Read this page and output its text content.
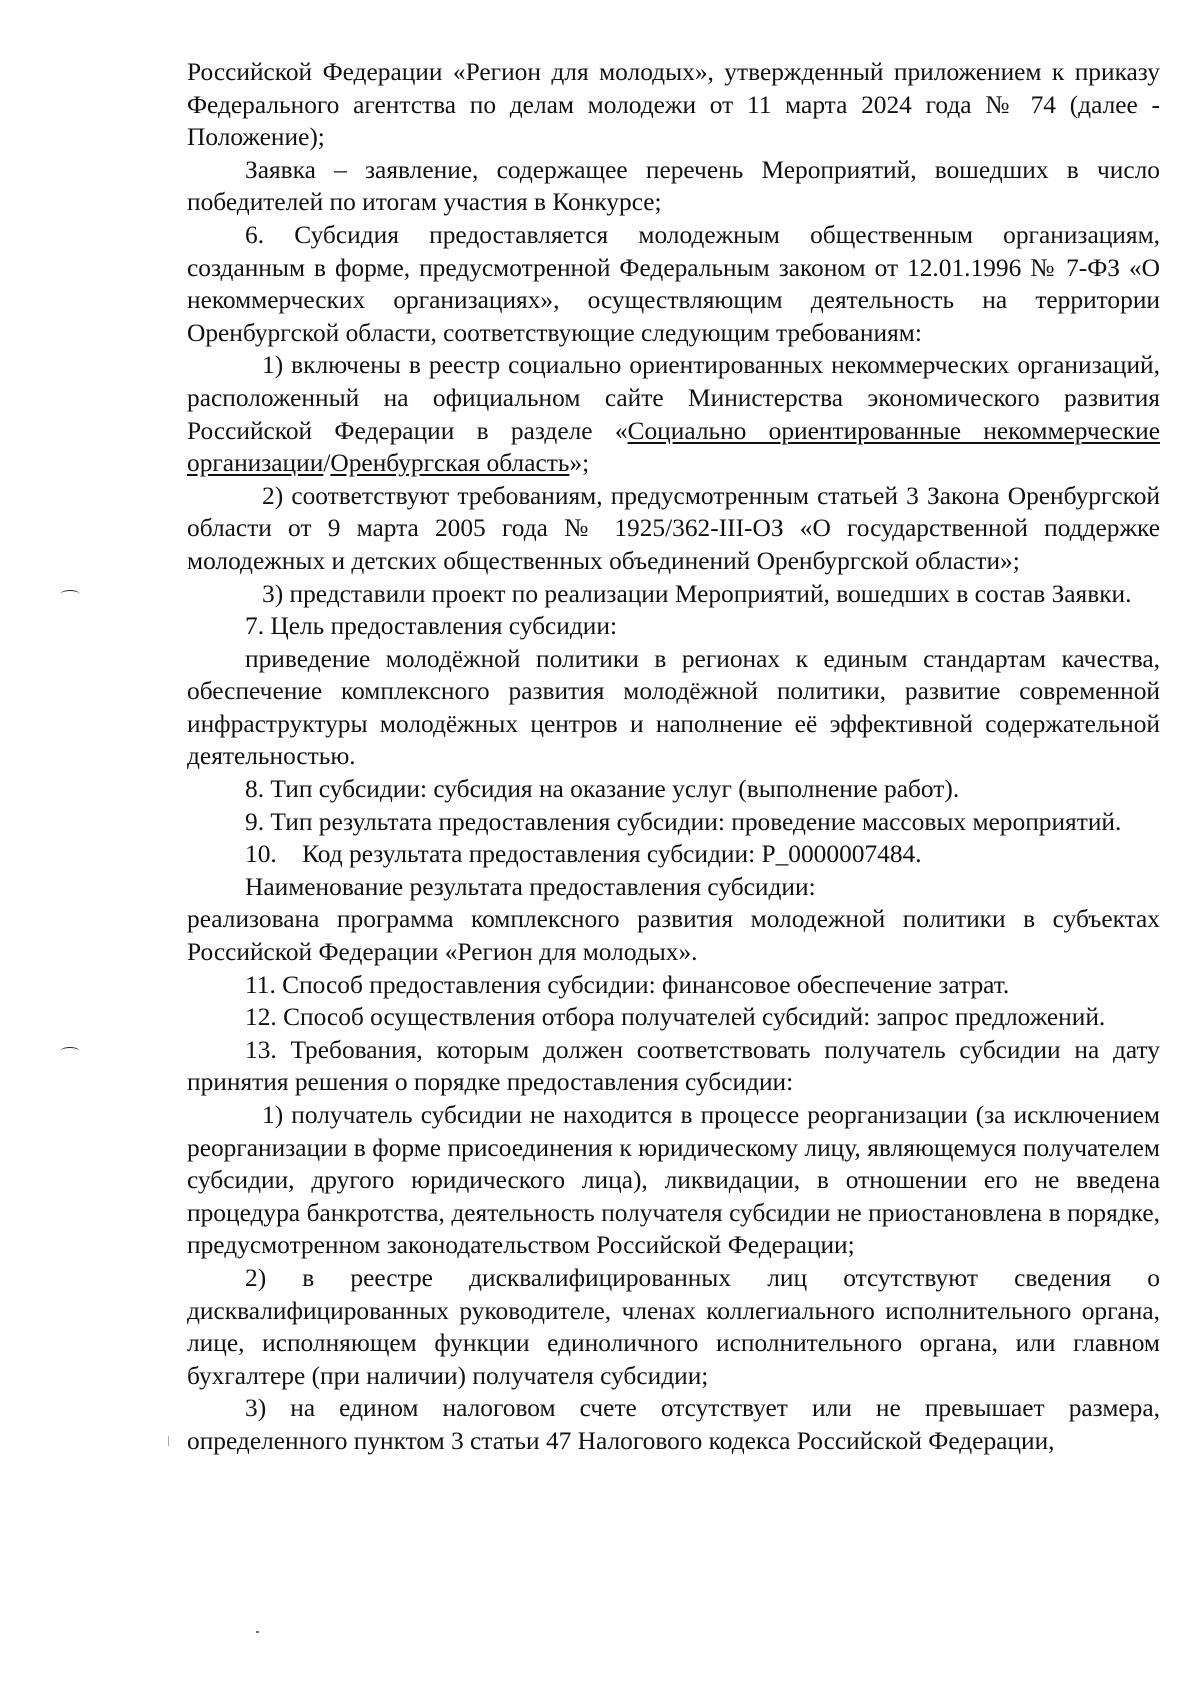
Российской Федерации «Регион для молодых», утвержденный приложением к приказу Федерального агентства по делам молодежи от 11 марта 2024 года № 74 (далее - Положение);

Заявка – заявление, содержащее перечень Мероприятий, вошедших в число победителей по итогам участия в Конкурсе;

6. Субсидия предоставляется молодежным общественным организациям, созданным в форме, предусмотренной Федеральным законом от 12.01.1996 № 7-ФЗ «О некоммерческих организациях», осуществляющим деятельность на территории Оренбургской области, соответствующие следующим требованиям:

1) включены в реестр социально ориентированных некоммерческих организаций, расположенный на официальном сайте Министерства экономического развития Российской Федерации в разделе «Социально ориентированные некоммерческие организации/Оренбургская область»;

2) соответствуют требованиям, предусмотренным статьей 3 Закона Оренбургской области от 9 марта 2005 года № 1925/362-III-ОЗ «О государственной поддержке молодежных и детских общественных объединений Оренбургской области»;

3) представили проект по реализации Мероприятий, вошедших в состав Заявки.

7. Цель предоставления субсидии:

приведение молодёжной политики в регионах к единым стандартам качества, обеспечение комплексного развития молодёжной политики, развитие современной инфраструктуры молодёжных центров и наполнение её эффективной содержательной деятельностью.

8. Тип субсидии: субсидия на оказание услуг (выполнение работ).

9. Тип результата предоставления субсидии: проведение массовых мероприятий.

10.    Код результата предоставления субсидии: P_0000007484.

Наименование результата предоставления субсидии:

реализована программа комплексного развития молодежной политики в субъектах Российской Федерации «Регион для молодых».

11. Способ предоставления субсидии: финансовое обеспечение затрат.

12. Способ осуществления отбора получателей субсидий: запрос предложений.

13. Требования, которым должен соответствовать получатель субсидии на дату принятия решения о порядке предоставления субсидии:

1) получатель субсидии не находится в процессе реорганизации (за исключением реорганизации в форме присоединения к юридическому лицу, являющемуся получателем субсидии, другого юридического лица), ликвидации, в отношении его не введена процедура банкротства, деятельность получателя субсидии не приостановлена в порядке, предусмотренном законодательством Российской Федерации;

2) в реестре дисквалифицированных лиц отсутствуют сведения о дисквалифицированных руководителе, членах коллегиального исполнительного органа, лице, исполняющем функции единоличного исполнительного органа, или главном бухгалтере (при наличии) получателя субсидии;

3) на едином налоговом счете отсутствует или не превышает размера, определенного пунктом 3 статьи 47 Налогового кодекса Российской Федерации,
